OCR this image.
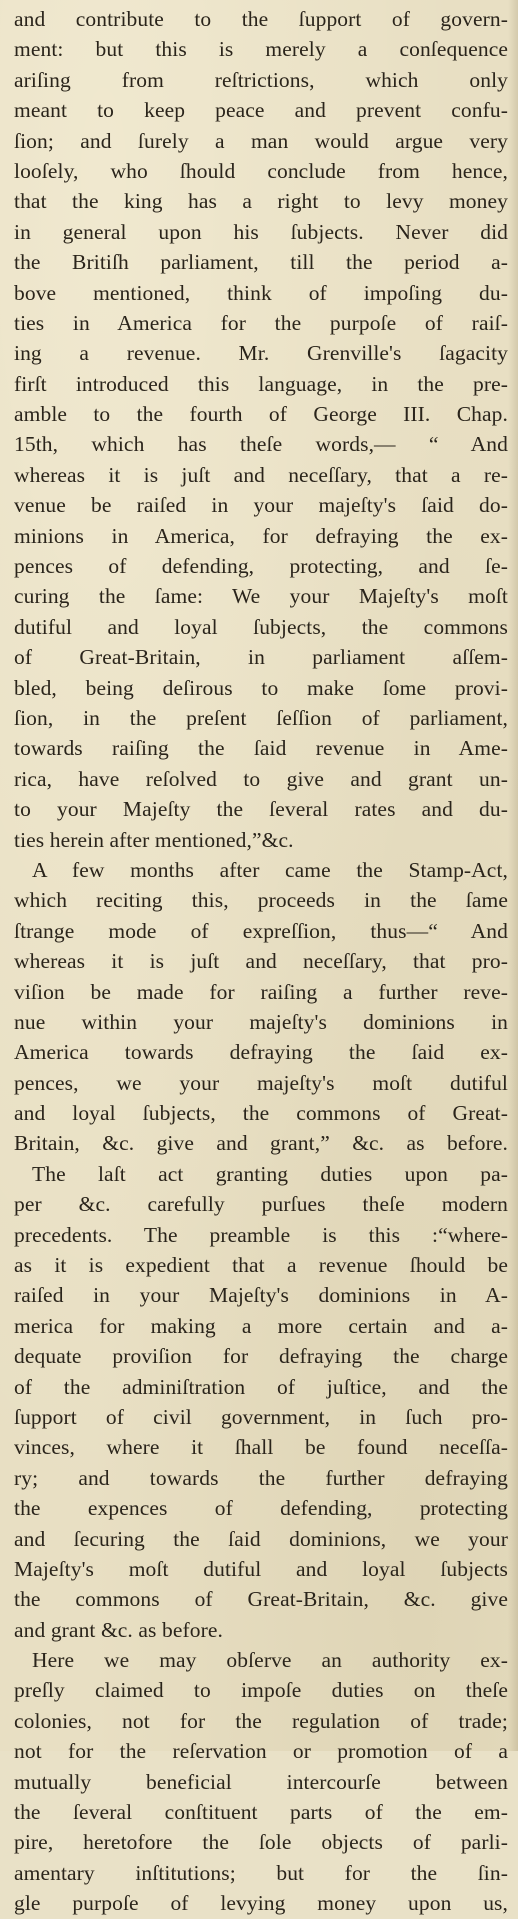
and contribute to the ſupport of govern-
ment: but this is merely a conſequence
ariſing from reſtrictions, which only
meant to keep peace and prevent confu-
ſion; and ſurely a man would argue very
looſely, who ſhould conclude from hence,
that the king has a right to levy money
in general upon his ſubjects. Never did
the Britiſh parliament, till the period a-
bove mentioned, think of impoſing du-
ties in America for the purpoſe of raiſ-
ing a revenue. Mr. Grenville's ſagacity
firſt introduced this language, in the pre-
amble to the fourth of George III. Chap.
15th, which has theſe words,— “ And
whereas it is juſt and neceſſary, that a re-
venue be raiſed in your majeſty's ſaid do-
minions in America, for defraying the ex-
pences of defending, protecting, and ſe-
curing the ſame: We your Majeſty's moſt
dutiful and loyal ſubjects, the commons
of Great-Britain, in parliament aſſem-
bled, being deſirous to make ſome provi-
ſion, in the preſent ſeſſion of parliament,
towards raiſing the ſaid revenue in Ame-
rica, have reſolved to give and grant un-
to your Majeſty the ſeveral rates and du-
ties herein after mentioned,”&c.
A few months after came the Stamp-Act,
which reciting this, proceeds in the ſame
ſtrange mode of expreſſion, thus—“ And
whereas it is juſt and neceſſary, that pro-
viſion be made for raiſing a further reve-
nue within your majeſty's dominions in
America towards defraying the ſaid ex-
pences, we your majeſty's moſt dutiful
and loyal ſubjects, the commons of Great-
Britain, &c. give and grant,” &c. as before.
The laſt act granting duties upon pa-
per &c. carefully purſues theſe modern
precedents. The preamble is this :“where-
as it is expedient that a revenue ſhould be
raiſed in your Majeſty's dominions in A-
merica for making a more certain and a-
dequate proviſion for defraying the charge
of the adminiſtration of juſtice, and the
ſupport of civil government, in ſuch pro-
vinces, where it ſhall be found neceſſa-
ry; and towards the further defraying
the expences of defending, protecting
and ſecuring the ſaid dominions, we your
Majeſty's moſt dutiful and loyal ſubjects
the commons of Great-Britain, &c. give
and grant &c. as before.
Here we may obſerve an authority ex-
preſly claimed to impoſe duties on theſe
colonies, not for the regulation of trade;
not for the reſervation or promotion of a
mutually beneficial intercourſe between
the ſeveral conſtituent parts of the em-
pire, heretofore the ſole objects of parli-
amentary inſtitutions; but for the ſin-
gle purpoſe of levying money upon us,
